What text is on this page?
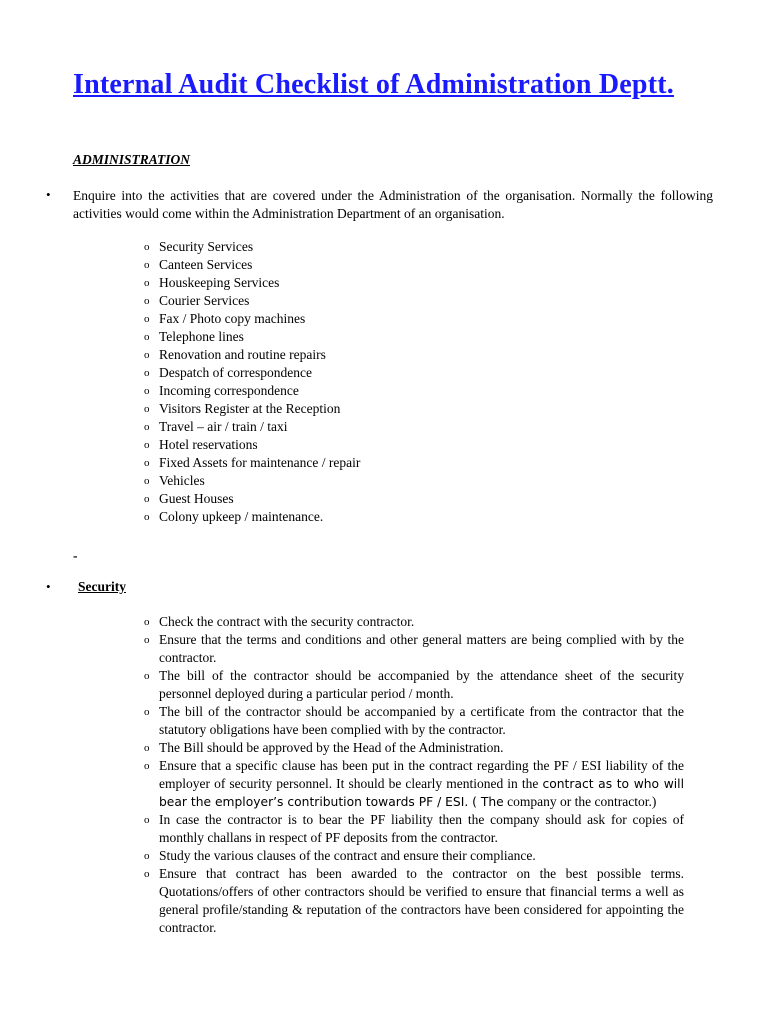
Internal Audit Checklist of Administration Deptt.
ADMINISTRATION
• Enquire into the activities that are covered under the Administration of the organisation. Normally the following activities would come within the Administration Department of an organisation.
o Security Services
o Canteen Services
o Houskeeping Services
o Courier Services
o Fax / Photo copy machines
o Telephone lines
o Renovation and routine repairs
o Despatch of correspondence
o Incoming correspondence
o Visitors Register at the Reception
o Travel – air / train / taxi
o Hotel reservations
o Fixed Assets for maintenance / repair
o Vehicles
o Guest Houses
o Colony upkeep / maintenance.
-
• Security
o Check the contract with the security contractor.
o Ensure that the terms and conditions and other general matters are being complied with by the contractor.
o The bill of the contractor should be accompanied by the attendance sheet of the security personnel deployed during a particular period / month.
o The bill of the contractor should be accompanied by a certificate from the contractor that the statutory obligations have been complied with by the contractor.
o The Bill should be approved by the Head of the Administration.
o Ensure that a specific clause has been put in the contract regarding the PF / ESI liability of the employer of security personnel. It should be clearly mentioned in the contract as to who will bear the employer’s contribution towards PF / ESI. ( The company or the contractor.)
o In case the contractor is to bear the PF liability then the company should ask for copies of monthly challans in respect of PF deposits from the contractor.
o Study the various clauses of the contract and ensure their compliance.
o Ensure that contract has been awarded to the contractor on the best possible terms. Quotations/offers of other contractors should be verified to ensure that financial terms a well as general profile/standing & reputation of the contractors have been considered for appointing the contractor.
